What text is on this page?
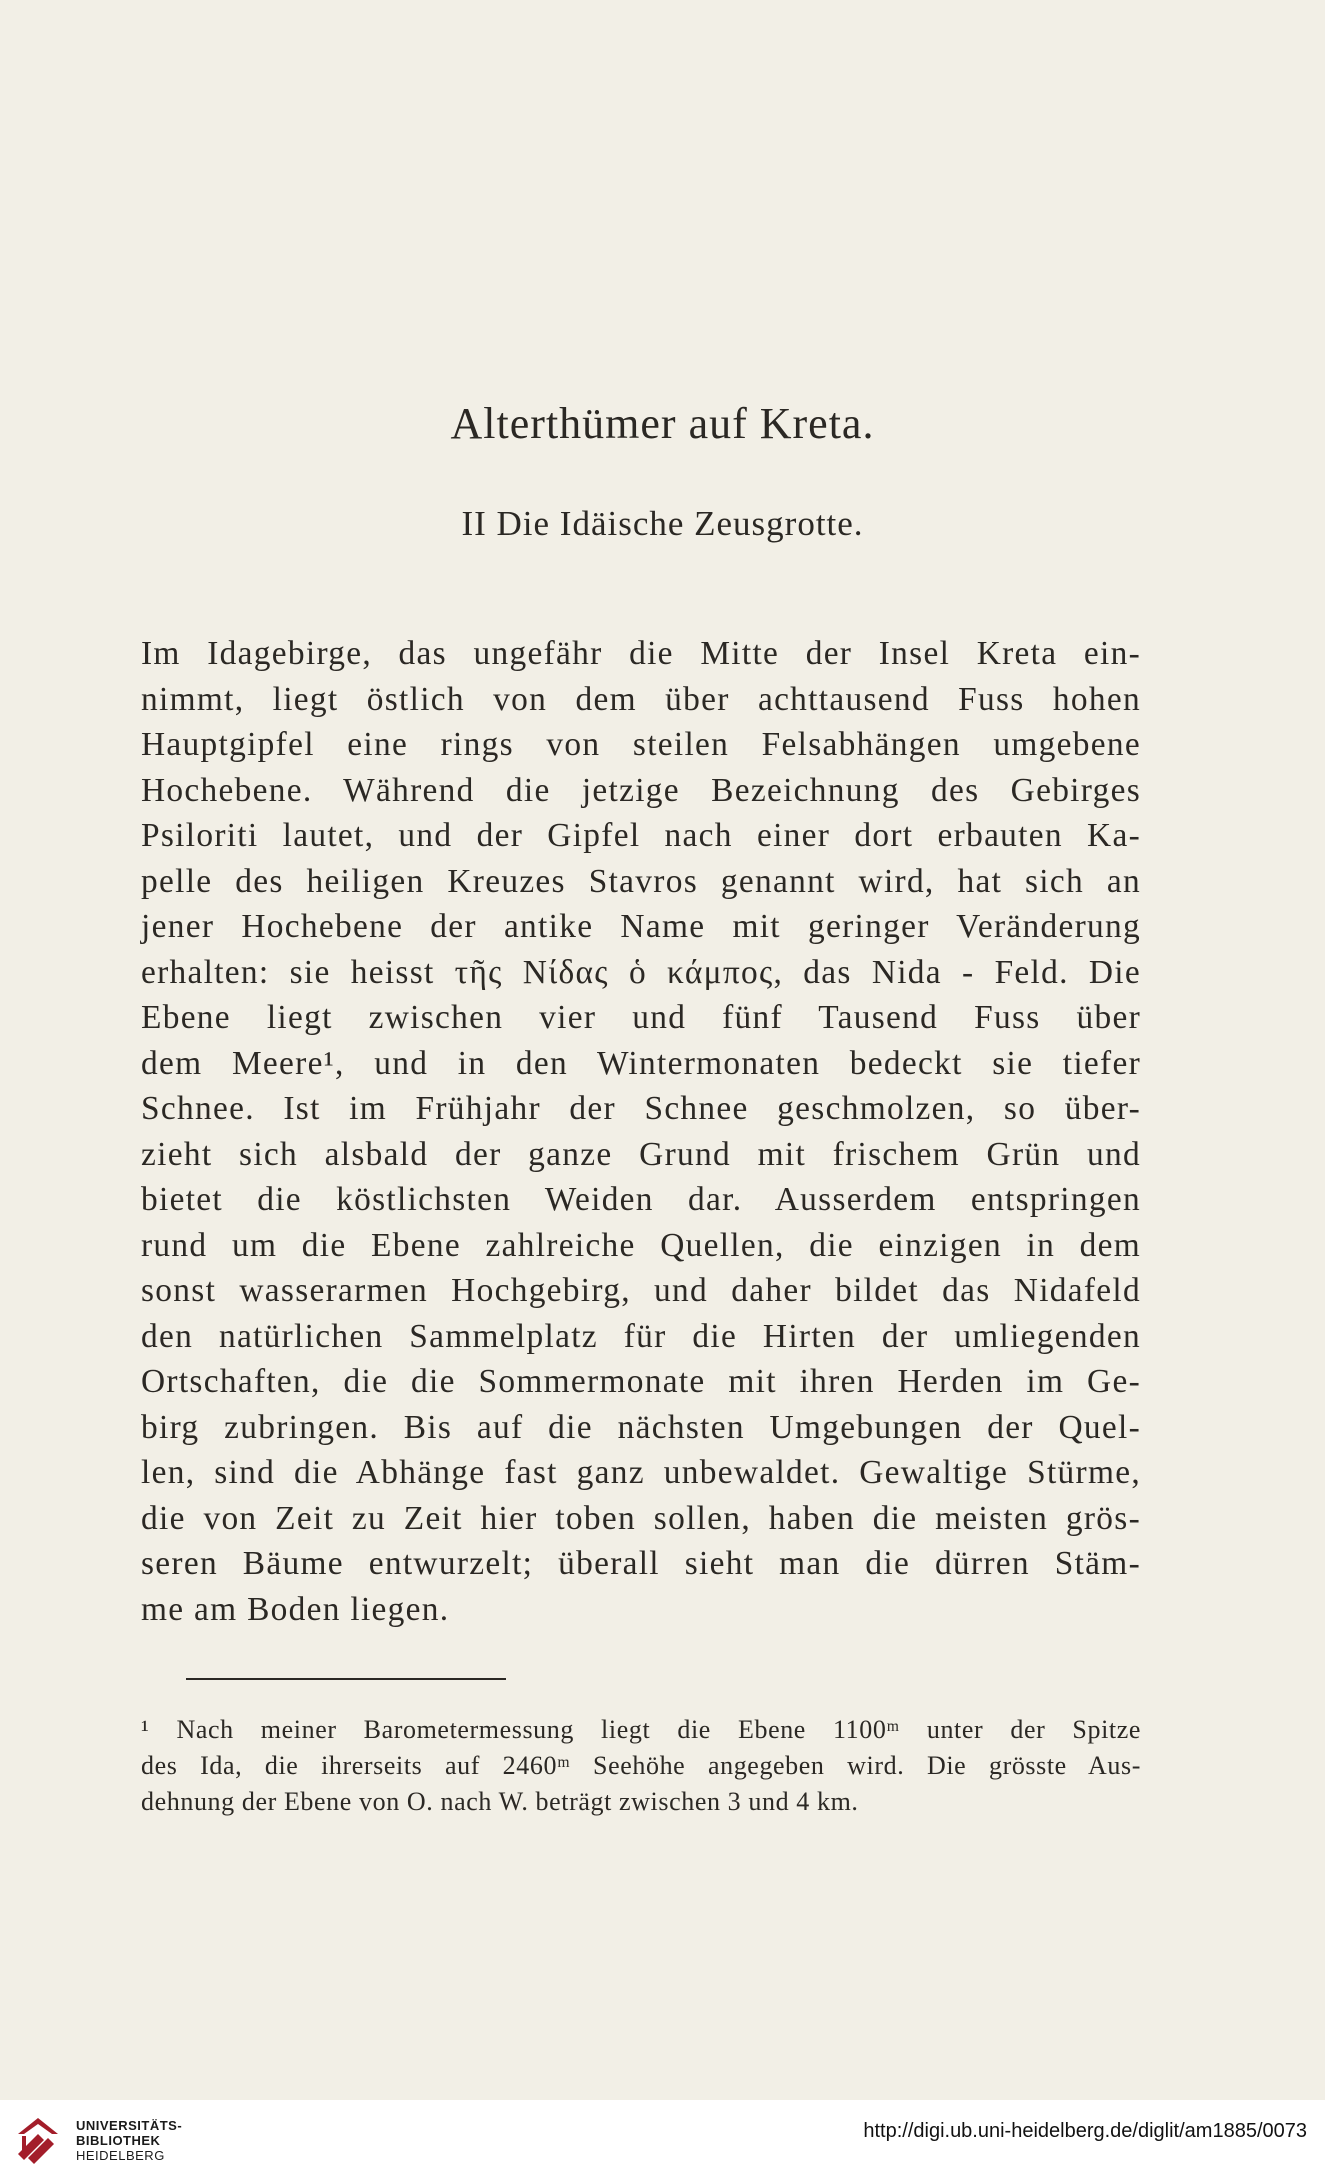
Alterthümer auf Kreta.
II Die Idäische Zeusgrotte.
Im Idagebirge, das ungefähr die Mitte der Insel Kreta ein-
nimmt, liegt östlich von dem über achttausend Fuss hohen
Hauptgipfel eine rings von steilen Felsabhängen umgebene
Hochebene. Während die jetzige Bezeichnung des Gebirges
Psiloriti lautet, und der Gipfel nach einer dort erbauten Ka-
pelle des heiligen Kreuzes Stavros genannt wird, hat sich an
jener Hochebene der antike Name mit geringer Veränderung
erhalten: sie heisst τῆς Νίδας ὁ κάμπος, das Nida - Feld. Die
Ebene liegt zwischen vier und fünf Tausend Fuss über
dem Meere¹, und in den Wintermonaten bedeckt sie tiefer
Schnee. Ist im Frühjahr der Schnee geschmolzen, so über-
zieht sich alsbald der ganze Grund mit frischem Grün und
bietet die köstlichsten Weiden dar. Ausserdem entspringen
rund um die Ebene zahlreiche Quellen, die einzigen in dem
sonst wasserarmen Hochgebirg, und daher bildet das Nidafeld
den natürlichen Sammelplatz für die Hirten der umliegenden
Ortschaften, die die Sommermonate mit ihren Herden im Ge-
birg zubringen. Bis auf die nächsten Umgebungen der Quel-
len, sind die Abhänge fast ganz unbewaldet. Gewaltige Stürme,
die von Zeit zu Zeit hier toben sollen, haben die meisten grös-
seren Bäume entwurzelt; überall sieht man die dürren Stäm-
me am Boden liegen.
¹ Nach meiner Barometermessung liegt die Ebene 1100ᵐ unter der Spitze
des Ida, die ihrerseits auf 2460ᵐ Seehöhe angegeben wird. Die grösste Aus-
dehnung der Ebene von O. nach W. beträgt zwischen 3 und 4 km.
UNIVERSITÄTS-
BIBLIOTHEK
HEIDELBERG
http://digi.ub.uni-heidelberg.de/diglit/am1885/0073
